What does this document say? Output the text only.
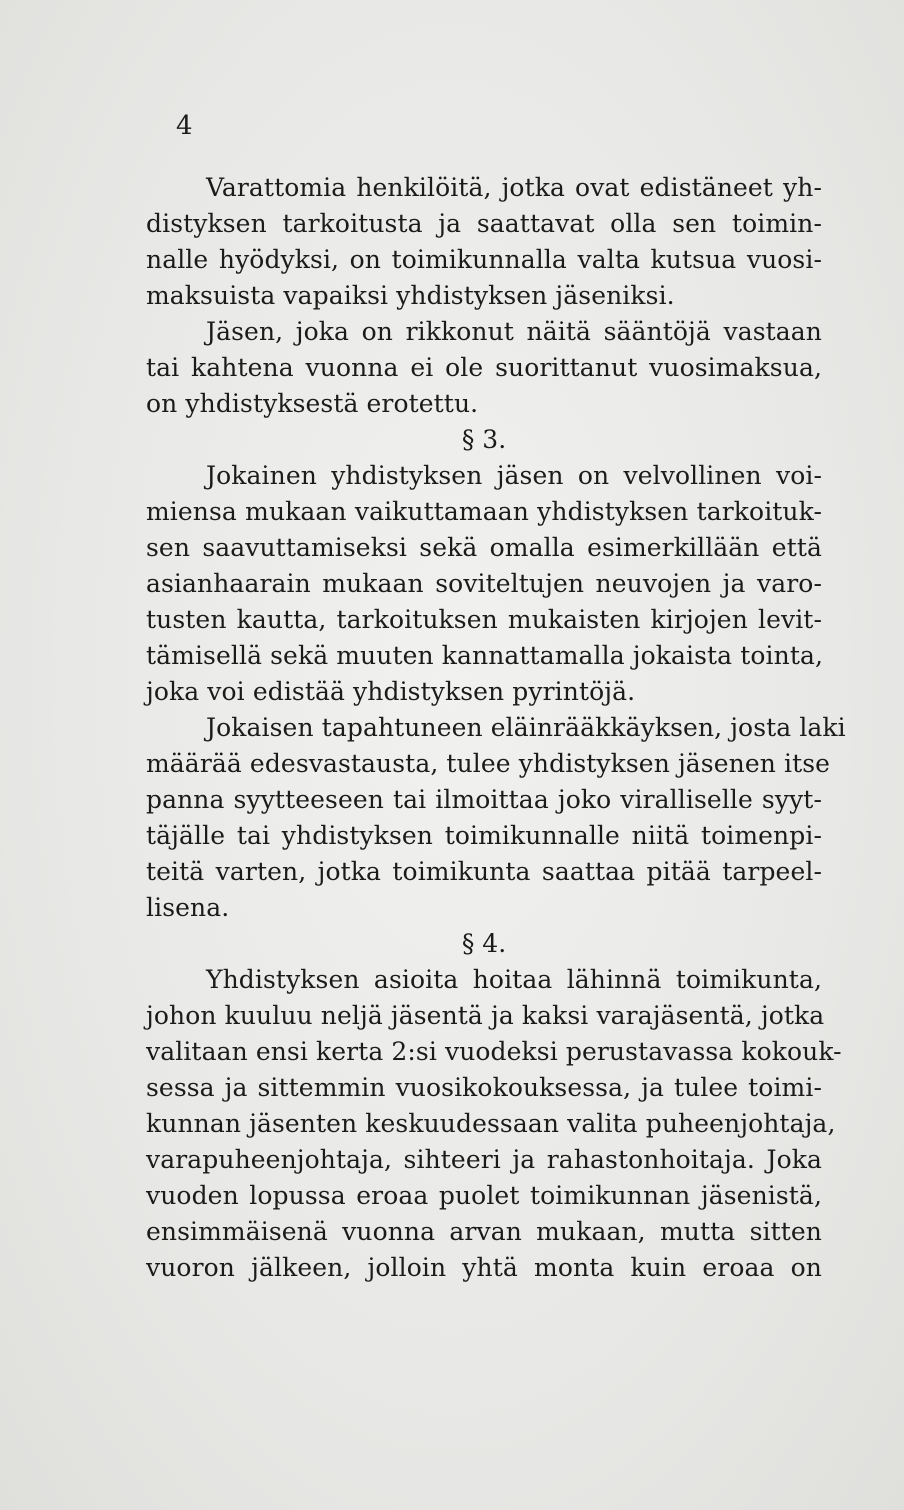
4
Varattomia henkilöitä, jotka ovat edistäneet yh-
distyksen tarkoitusta ja saattavat olla sen toimin-
nalle hyödyksi, on toimikunnalla valta kutsua vuosi-
maksuista vapaiksi yhdistyksen jäseniksi.
Jäsen, joka on rikkonut näitä sääntöjä vastaan
tai kahtena vuonna ei ole suorittanut vuosimaksua,
on yhdistyksestä erotettu.
§ 3.
Jokainen yhdistyksen jäsen on velvollinen voi-
miensa mukaan vaikuttamaan yhdistyksen tarkoituk-
sen saavuttamiseksi sekä omalla esimerkillään että
asianhaarain mukaan soviteltujen neuvojen ja varo-
tusten kautta, tarkoituksen mukaisten kirjojen levit-
tämisellä sekä muuten kannattamalla jokaista tointa,
joka voi edistää yhdistyksen pyrintöjä.
Jokaisen tapahtuneen eläinrääkkäyksen, josta laki
määrää edesvastausta, tulee yhdistyksen jäsenen itse
panna syytteeseen tai ilmoittaa joko viralliselle syyt-
täjälle tai yhdistyksen toimikunnalle niitä toimenpi-
teitä varten, jotka toimikunta saattaa pitää tarpeel-
lisena.
§ 4.
Yhdistyksen asioita hoitaa lähinnä toimikunta,
johon kuuluu neljä jäsentä ja kaksi varajäsentä, jotka
valitaan ensi kerta 2:si vuodeksi perustavassa kokouk-
sessa ja sittemmin vuosikokouksessa, ja tulee toimi-
kunnan jäsenten keskuudessaan valita puheenjohtaja,
varapuheenjohtaja, sihteeri ja rahastonhoitaja. Joka
vuoden lopussa eroaa puolet toimikunnan jäsenistä,
ensimmäisenä vuonna arvan mukaan, mutta sitten
vuoron jälkeen, jolloin yhtä monta kuin eroaa on
